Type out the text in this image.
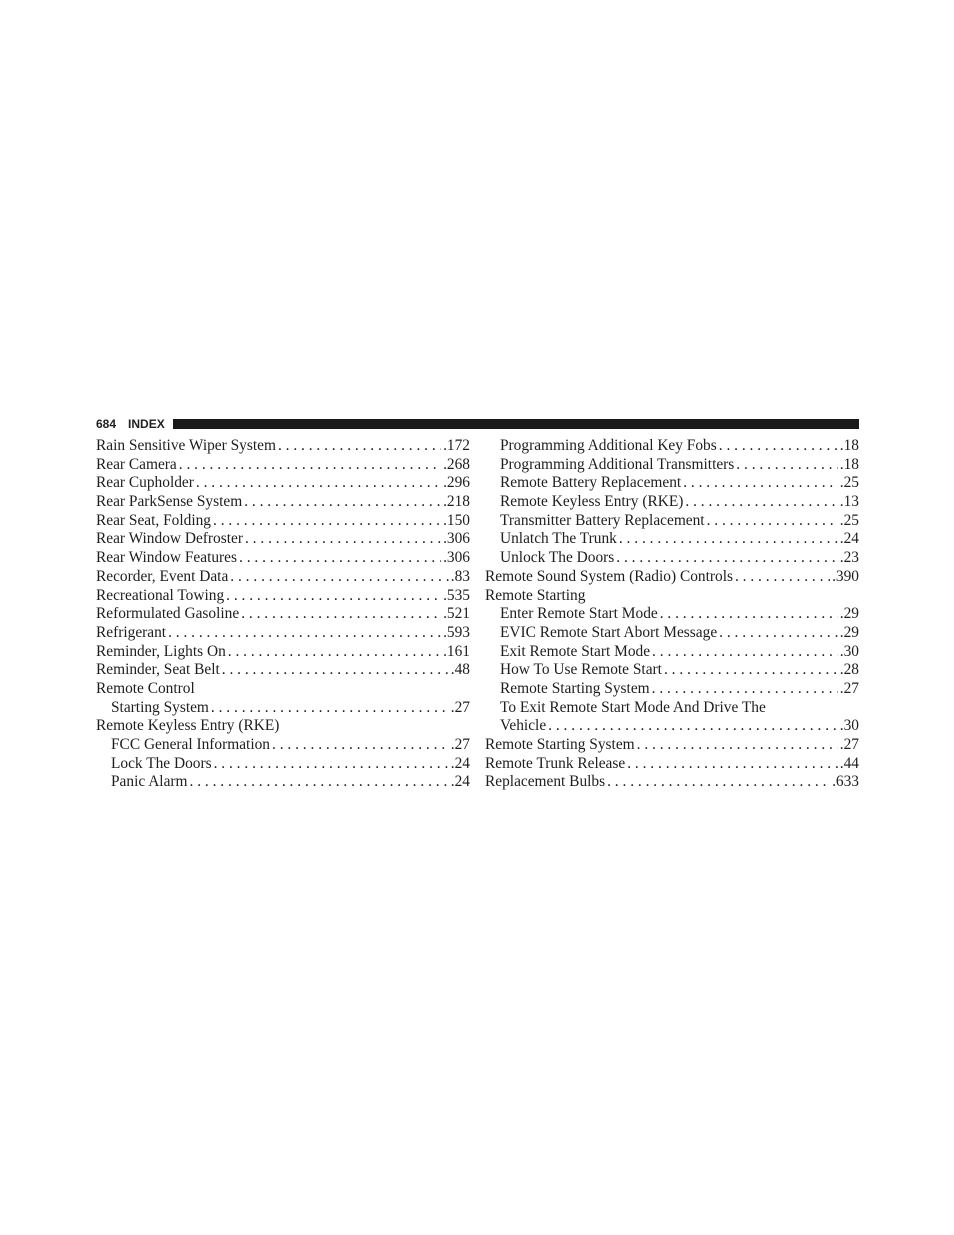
684 INDEX
Rain Sensitive Wiper System . . .	.172
Rear Camera . . .	.268
Rear Cupholder . . .	.296
Rear ParkSense System . . .	.218
Rear Seat, Folding . . .	.150
Rear Window Defroster . . .	.306
Rear Window Features . . .	.306
Recorder, Event Data . . .	.83
Recreational Towing . . .	.535
Reformulated Gasoline . . .	.521
Refrigerant . . .	.593
Reminder, Lights On . . .	.161
Reminder, Seat Belt . . .	.48
Remote Control
Starting System . . .	.27
Remote Keyless Entry (RKE)
FCC General Information . . .	.27
Lock The Doors . . .	.24
Panic Alarm . . .	.24
Programming Additional Key Fobs . . .	.18
Programming Additional Transmitters . . .	.18
Remote Battery Replacement . . .	.25
Remote Keyless Entry (RKE) . . .	.13
Transmitter Battery Replacement . . .	.25
Unlatch The Trunk . . .	.24
Unlock The Doors . . .	.23
Remote Sound System (Radio) Controls . . .	.390
Remote Starting
Enter Remote Start Mode . . .	.29
EVIC Remote Start Abort Message . . .	.29
Exit Remote Start Mode . . .	.30
How To Use Remote Start . . .	.28
Remote Starting System . . .	.27
To Exit Remote Start Mode And Drive The
Vehicle . . .	.30
Remote Starting System . . .	.27
Remote Trunk Release . . .	.44
Replacement Bulbs . . .	.633
